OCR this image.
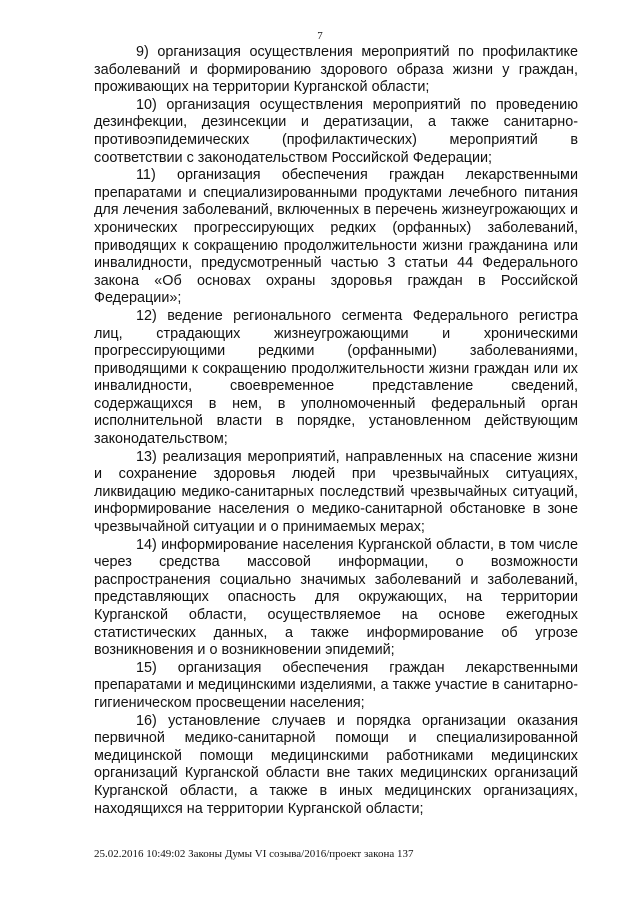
7

9) организация осуществления мероприятий по профилактике заболеваний и формированию здорового образа жизни у граждан, проживающих на территории Курганской области;

10) организация осуществления мероприятий по проведению дезинфекции, дезинсекции и дератизации, а также санитарно-противоэпидемических (профилактических) мероприятий в соответствии с законодательством Российской Федерации;

11) организация обеспечения граждан лекарственными препаратами и специализированными продуктами лечебного питания для лечения заболеваний, включенных в перечень жизнеугрожающих и хронических прогрессирующих редких (орфанных) заболеваний, приводящих к сокращению продолжительности жизни гражданина или инвалидности, предусмотренный частью 3 статьи 44 Федерального закона «Об основах охраны здоровья граждан в Российской Федерации»;

12) ведение регионального сегмента Федерального регистра лиц, страдающих жизнеугрожающими и хроническими прогрессирующими редкими (орфанными) заболеваниями, приводящими к сокращению продолжительности жизни граждан или их инвалидности, своевременное представление сведений, содержащихся в нем, в уполномоченный федеральный орган исполнительной власти в порядке, установленном действующим законодательством;

13) реализация мероприятий, направленных на спасение жизни и сохранение здоровья людей при чрезвычайных ситуациях, ликвидацию медико-санитарных последствий чрезвычайных ситуаций, информирование населения о медико-санитарной обстановке в зоне чрезвычайной ситуации и о принимаемых мерах;

14) информирование населения Курганской области, в том числе через средства массовой информации, о возможности распространения социально значимых заболеваний и заболеваний, представляющих опасность для окружающих, на территории Курганской области, осуществляемое на основе ежегодных статистических данных, а также информирование об угрозе возникновения и о возникновении эпидемий;

15) организация обеспечения граждан лекарственными препаратами и медицинскими изделиями, а также участие в санитарно-гигиеническом просвещении населения;

16) установление случаев и порядка организации оказания первичной медико-санитарной помощи и специализированной медицинской помощи медицинскими работниками медицинских организаций Курганской области вне таких медицинских организаций Курганской области, а также в иных медицинских организациях, находящихся на территории Курганской области;

25.02.2016 10:49:02 Законы Думы VI созыва/2016/проект закона 137
